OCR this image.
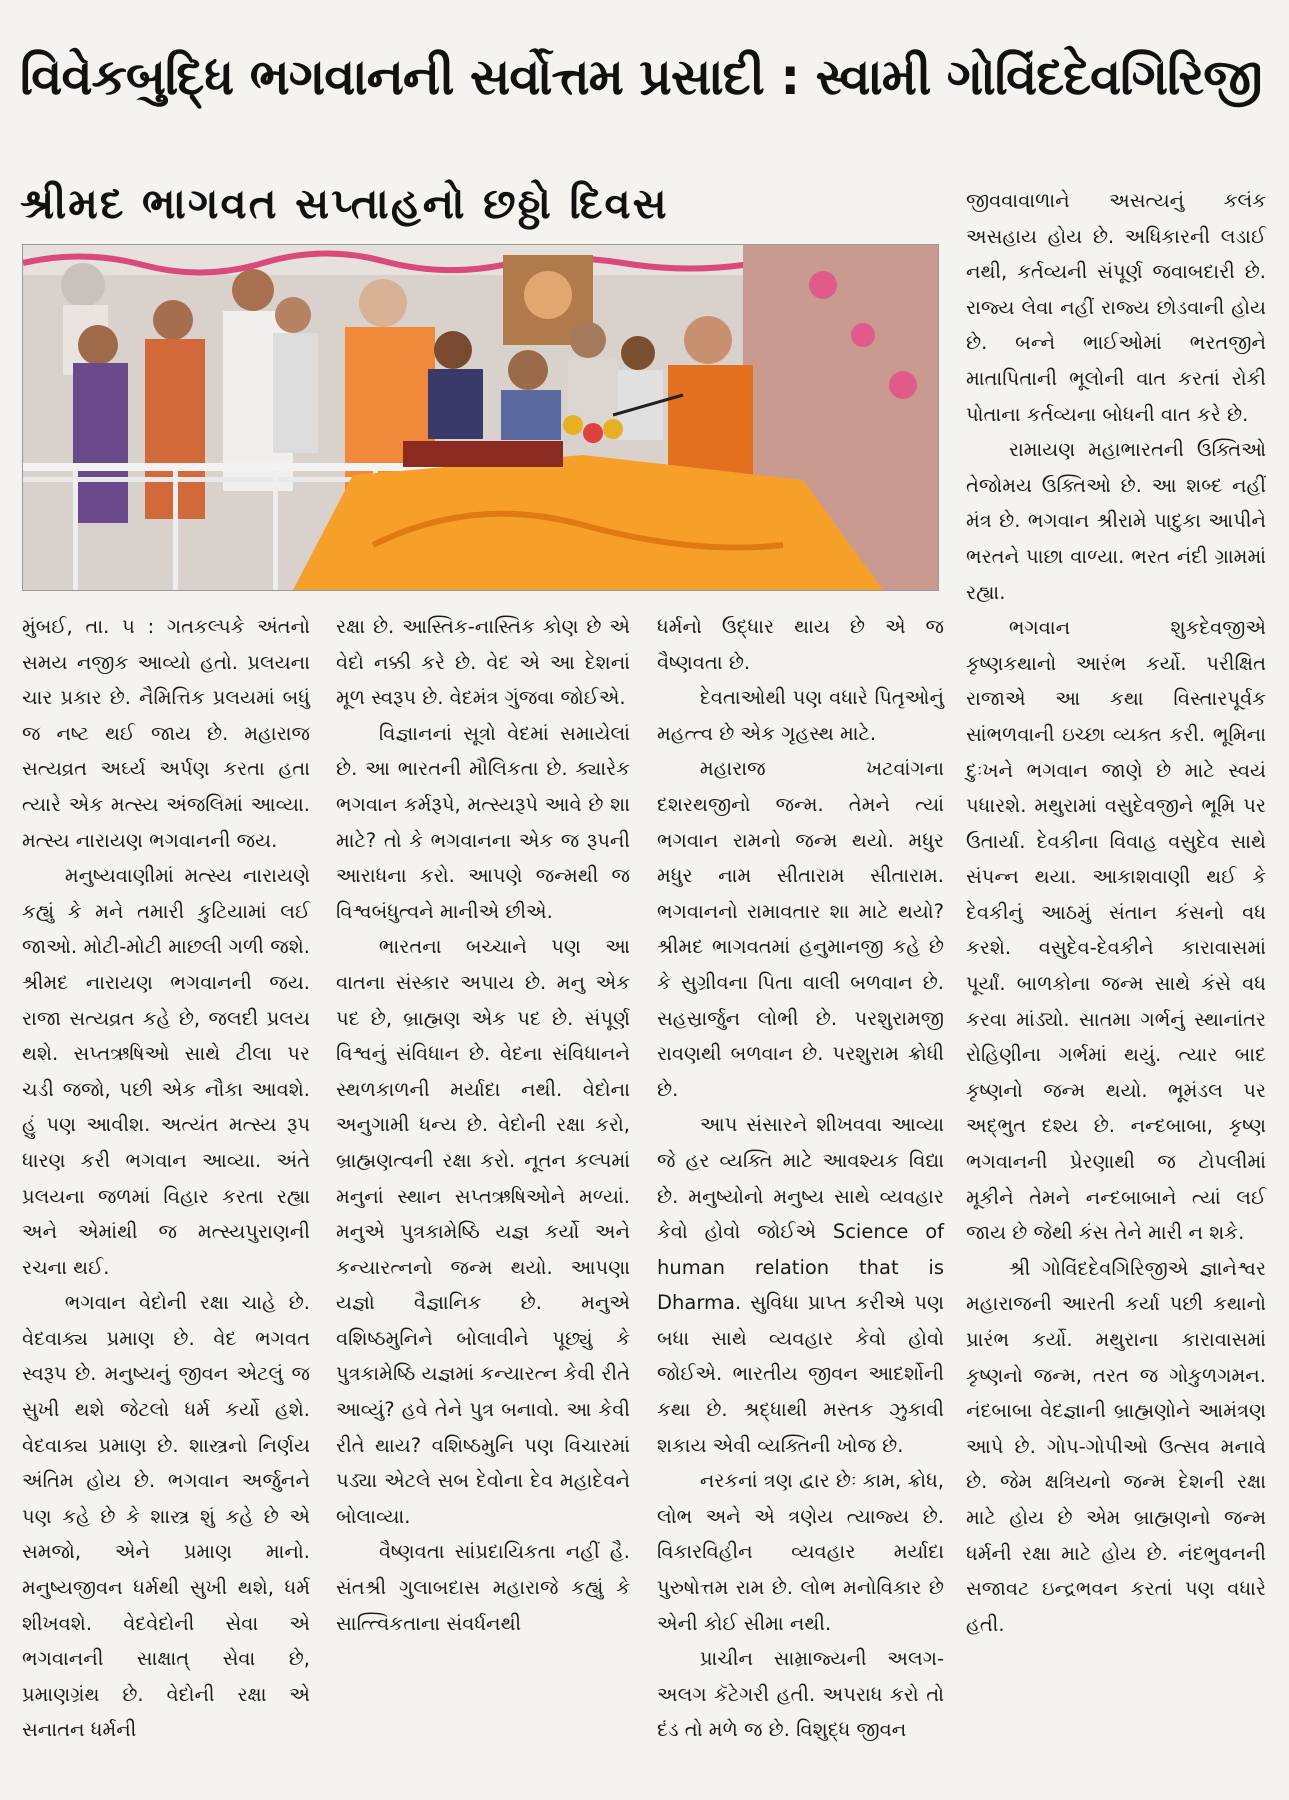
વિવેકબુદ્ધિ ભગવાનની સર્વોત્તમ પ્રસાદી : સ્વામી ગોવિંદદેવગિરિજી
શ્રીમદ ભાગવત સપ્તાહનો છઠ્ઠો દિવસ

મુંબઈ, તા. ૫ : ગતકલ્પકે અંતનો સમય નજીક આવ્યો હતો. પ્રલયના ચાર પ્રકાર છે. નૈમિત્તિક પ્રલયમાં બધું જ નષ્ટ થઈ જાય છે. મહારાજ સત્યવ્રત અર્ઘ્ય અર્પણ કરતા હતા ત્યારે એક મત્સ્ય અંજલિમાં આવ્યા. મત્સ્ય નારાયણ ભગવાનની જય.

મનુષ્યવાણીમાં મત્સ્ય નારાયણે કહ્યું કે મને તમારી કુટિયામાં લઈ જાઓ. મોટી-મોટી માછલી ગળી જશે. શ્રીમદ નારાયણ ભગવાનની જય. રાજા સત્યવ્રત કહે છે, જલદી પ્રલય થશે. સપ્તઋષિઓ સાથે ટીલા પર ચડી જજો, પછી એક નૌકા આવશે. હું પણ આવીશ. અત્યંત મત્સ્ય રૂપ ધારણ કરી ભગવાન આવ્યા. અંતે પ્રલયના જળમાં વિહાર કરતા રહ્યા અને એમાંથી જ મત્સ્યપુરાણની રચના થઈ.

ભગવાન વેદોની રક્ષા ચાહે છે. વેદવાક્ય પ્રમાણ છે. વેદ ભગવત સ્વરૂપ છે. મનુષ્યનું જીવન એટલું જ સુખી થશે જેટલો ધર્મ કર્યો હશે. વેદવાક્ય પ્રમાણ છે. શાસ્ત્રનો નિર્ણય અંતિમ હોય છે. ભગવાન અર્જુનને પણ કહે છે કે શાસ્ત્ર શું કહે છે એ સમજો, એને પ્રમાણ માનો. મનુષ્યજીવન ધર્મથી સુખી થશે, ધર્મ શીખવશે. વેદવેદોની સેવા એ ભગવાનની સાક્ષાત્ સેવા છે, પ્રમાણગ્રંથ છે. વેદોની રક્ષા એ સનાતન ધર્મની

રક્ષા છે. આસ્તિક-નાસ્તિક કોણ છે એ વેદો નક્કી કરે છે. વેદ એ આ દેશનાં મૂળ સ્વરૂપ છે. વેદમંત્ર ગુંજવા જોઈએ.

વિજ્ઞાનનાં સૂત્રો વેદમાં સમાયેલાં છે. આ ભારતની મૌલિકતા છે. ક્યારેક ભગવાન કર્મરૂપે, મત્સ્યરૂપે આવે છે શા માટે? તો કે ભગવાનના એક જ રૂપની આરાધના કરો. આપણે જન્મથી જ વિશ્વબંધુત્વને માનીએ છીએ.

ભારતના બચ્ચાને પણ આ વાતના સંસ્કાર અપાય છે. મનુ એક પદ છે, બ્રાહ્મણ એક પદ છે. સંપૂર્ણ વિશ્વનું સંવિધાન છે. વેદના સંવિધાનને સ્થળકાળની મર્યાદા નથી. વેદોના અનુગામી ધન્ય છે. વેદોની રક્ષા કરો, બ્રાહ્મણત્વની રક્ષા કરો. નૂતન કલ્પમાં મનુનાં સ્થાન સપ્તઋષિઓને મળ્યાં. મનુએ પુત્રકામેષ્ઠિ યજ્ઞ કર્યો અને કન્યારત્નનો જન્મ થયો. આપણા યજ્ઞો વૈજ્ઞાનિક છે. મનુએ વશિષ્ઠમુનિને બોલાવીને પૂછ્યું કે પુત્રકામેષ્ઠિ યજ્ઞમાં કન્યારત્ન કેવી રીતે આવ્યું? હવે તેને પુત્ર બનાવો. આ કેવી રીતે થાય? વશિષ્ઠમુનિ પણ વિચારમાં પડ્યા એટલે સબ દેવોના દેવ મહાદેવને બોલાવ્યા.

વૈષ્ણવતા સાંપ્રદાયિકતા નહીં હૈ. સંતશ્રી ગુલાબદાસ મહારાજે કહ્યું કે સાત્ત્વિકતાના સંવર્ધનથી

ધર્મનો ઉદ્ધાર થાય છે એ જ વૈષ્ણવતા છે.

દેવતાઓથી પણ વધારે પિતૃઓનું મહત્ત્વ છે એક ગૃહસ્થ માટે.

મહારાજ ખટવાંગના દશરથજીનો જન્મ. તેમને ત્યાં ભગવાન રામનો જન્મ થયો. મધુર મધુર નામ સીતારામ સીતારામ. ભગવાનનો રામાવતાર શા માટે થયો? શ્રીમદ ભાગવતમાં હનુમાનજી કહે છે કે સુગ્રીવના પિતા વાલી બળવાન છે. સહસ્રાર્જુન લોભી છે. પરશુરામજી રાવણથી બળવાન છે. પરશુરામ ક્રોધી છે.

આપ સંસારને શીખવવા આવ્યા જે હર વ્યક્તિ માટે આવશ્યક વિદ્યા છે. મનુષ્યોનો મનુષ્ય સાથે વ્યવહાર કેવો હોવો જોઈએ Science of human relation that is Dharma. સુવિધા પ્રાપ્ત કરીએ પણ બધા સાથે વ્યવહાર કેવો હોવો જોઈએ. ભારતીય જીવન આદર્શોની કથા છે. શ્રદ્ધાથી મસ્તક ઝુકાવી શકાય એવી વ્યક્તિની ખોજ છે.

નરકનાં ત્રણ દ્વાર છેઃ કામ, ક્રોધ, લોભ અને એ ત્રણેય ત્યાજ્ય છે. વિકારવિહીન વ્યવહાર મર્યાદા પુરુષોત્તમ રામ છે. લોભ મનોવિકાર છે એની કોઈ સીમા નથી.

પ્રાચીન સામ્રાજ્યની અલગ-અલગ કૅટેગરી હતી. અપરાધ કરો તો દંડ તો મળે જ છે. વિશુદ્ધ જીવન

જીવવાવાળાને અસત્યનું કલંક અસહાય હોય છે. અધિકારની લડાઈ નથી, કર્તવ્યની સંપૂર્ણ જવાબદારી છે. રાજ્ય લેવા નહીં રાજ્ય છોડવાની હોય છે. બન્ને ભાઈઓમાં ભરતજીને માતાપિતાની ભૂલોની વાત કરતાં રોકી પોતાના કર્તવ્યના બોધની વાત કરે છે.

રામાયણ મહાભારતની ઉક્તિઓ તેજોમય ઉક્તિઓ છે. આ શબ્દ નહીં મંત્ર છે. ભગવાન શ્રીરામે પાદુકા આપીને ભરતને પાછા વાળ્યા. ભરત નંદી ગ્રામમાં રહ્યા.

ભગવાન શુકદેવજીએ કૃષ્ણકથાનો આરંભ કર્યો. પરીક્ષિત રાજાએ આ કથા વિસ્તારપૂર્વક સાંભળવાની ઇચ્છા વ્યક્ત કરી. ભૂમિના દુઃખને ભગવાન જાણે છે માટે સ્વયં પધારશે. મથુરામાં વસુદેવજીને ભૂમિ પર ઉતાર્યા. દેવકીના વિવાહ વસુદેવ સાથે સંપન્ન થયા. આકાશવાણી થઈ કે દેવકીનું આઠમું સંતાન કંસનો વધ કરશે. વસુદેવ-દેવકીને કારાવાસમાં પૂર્યાં. બાળકોના જન્મ સાથે કંસે વધ કરવા માંડ્યો. સાતમા ગર્ભનું સ્થાનાંતર રોહિણીના ગર્ભમાં થયું. ત્યાર બાદ કૃષ્ણનો જન્મ થયો. ભૂમંડલ પર અદ્ભુત દશ્ય છે. નન્દબાબા, કૃષ્ણ ભગવાનની પ્રેરણાથી જ ટોપલીમાં મૂકીને તેમને નન્દબાબાને ત્યાં લઈ જાય છે જેથી કંસ તેને મારી ન શકે.

શ્રી ગોવિંદદેવગિરિજીએ જ્ઞાનેશ્વર મહારાજની આરતી કર્યા પછી કથાનો પ્રારંભ કર્યો. મથુરાના કારાવાસમાં કૃષ્ણનો જન્મ, તરત જ ગોકુળગમન. નંદબાબા વેદજ્ઞાની બ્રાહ્મણોને આમંત્રણ આપે છે. ગોપ-ગોપીઓ ઉત્સવ મનાવે છે. જેમ ક્ષત્રિયનો જન્મ દેશની રક્ષા માટે હોય છે એમ બ્રાહ્મણનો જન્મ ધર્મની રક્ષા માટે હોય છે. નંદભુવનની સજાવટ ઇન્દ્રભવન કરતાં પણ વધારે હતી.
